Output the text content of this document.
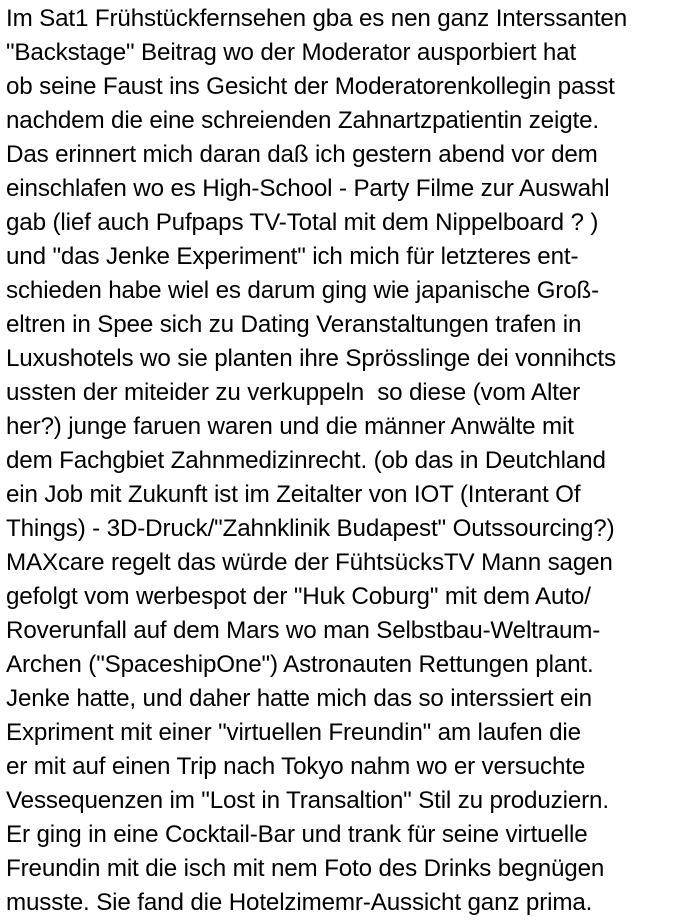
Im Sat1 Frühstückfernsehen gba es nen ganz Interssanten
"Backstage" Beitrag wo der Moderator ausporbiert hat
ob seine Faust ins Gesicht der Moderatorenkollegin passt
nachdem die eine schreienden Zahnartzpatientin zeigte.
Das erinnert mich daran daß ich gestern abend vor dem
einschlafen wo es High-School - Party Filme zur Auswahl
gab (lief auch Pufpaps TV-Total mit dem Nippelboard ? )
und "das Jenke Experiment" ich mich für letzteres ent-
schieden habe wiel es darum ging wie japanische Groß-
eltren in Spee sich zu Dating Veranstaltungen trafen in
Luxushotels wo sie planten ihre Sprösslinge dei vonnihcts
ussten der miteider zu verkuppeln  so diese (vom Alter
her?) junge faruen waren und die männer Anwälte mit
dem Fachgbiet Zahnmedizinrecht. (ob das in Deutchland
ein Job mit Zukunft ist im Zeitalter von IOT (Interant Of
Things) - 3D-Druck/"Zahnklinik Budapest" Outssourcing?)
MAXcare regelt das würde der FühtsücksTV Mann sagen
gefolgt vom werbespot der "Huk Coburg" mit dem Auto/
Roverunfall auf dem Mars wo man Selbstbau-Weltraum-
Archen ("SpaceshipOne") Astronauten Rettungen plant.
Jenke hatte, und daher hatte mich das so interssiert ein
Expriment mit einer "virtuellen Freundin" am laufen die
er mit auf einen Trip nach Tokyo nahm wo er versuchte
Vessequenzen im "Lost in Transaltion" Stil zu produziern.
Er ging in eine Cocktail-Bar und trank für seine virtuelle
Freundin mit die isch mit nem Foto des Drinks begnügen
musste. Sie fand die Hotelzimemr-Aussicht ganz prima.
